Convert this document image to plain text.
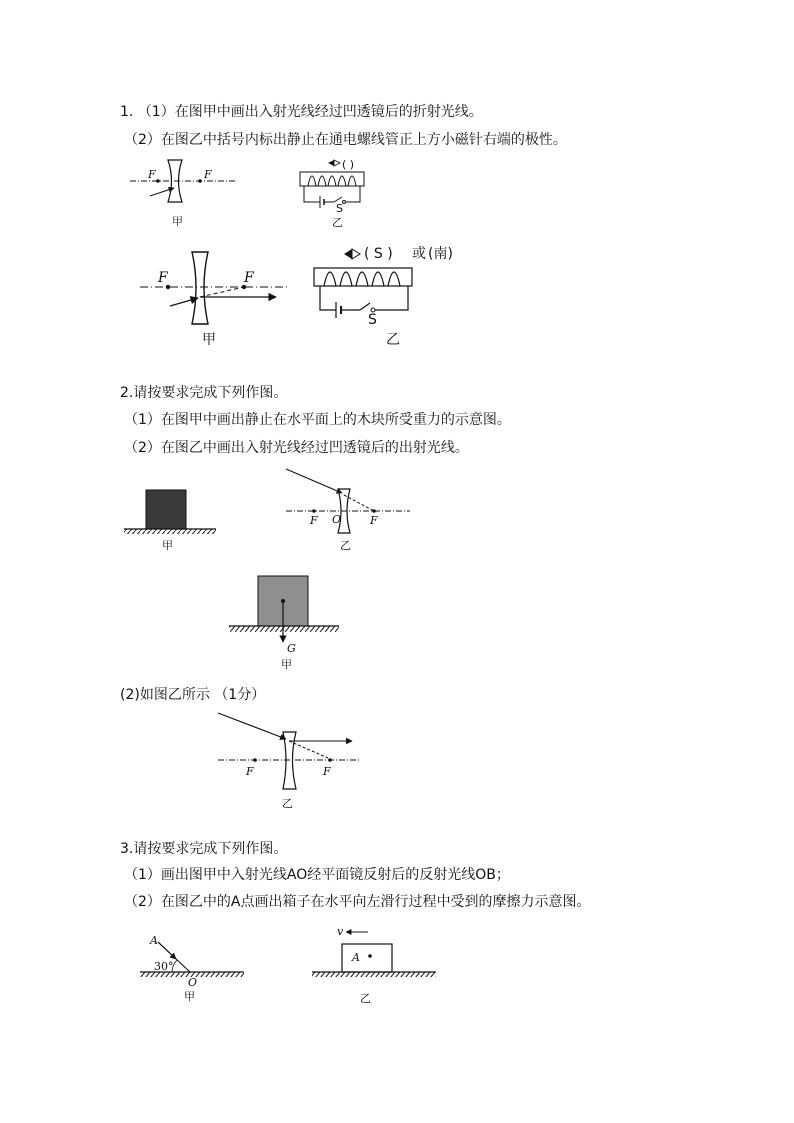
1. （1）在图甲中画出入射光线经过凹透镜后的折射光线。
（2）在图乙中括号内标出静止在通电螺线管正上方小磁针右端的极性。
F	F
甲
( )
S
乙
F	F
甲
( S ) 或 (南)
S
乙
2.请按要求完成下列作图。
（1）在图甲中画出静止在水平面上的木块所受重力的示意图。
（2）在图乙中画出入射光线经过凹透镜后的出射光线。
甲
F O	F
乙
G
甲
(2)如图乙所示 （1分）
F	F
乙
3.请按要求完成下列作图。
（1）画出图甲中入射光线AO经平面镜反射后的反射光线OB；
（2）在图乙中的A点画出箱子在水平向左滑行过程中受到的摩擦力示意图。
A
30°
O
甲
v
A
乙
